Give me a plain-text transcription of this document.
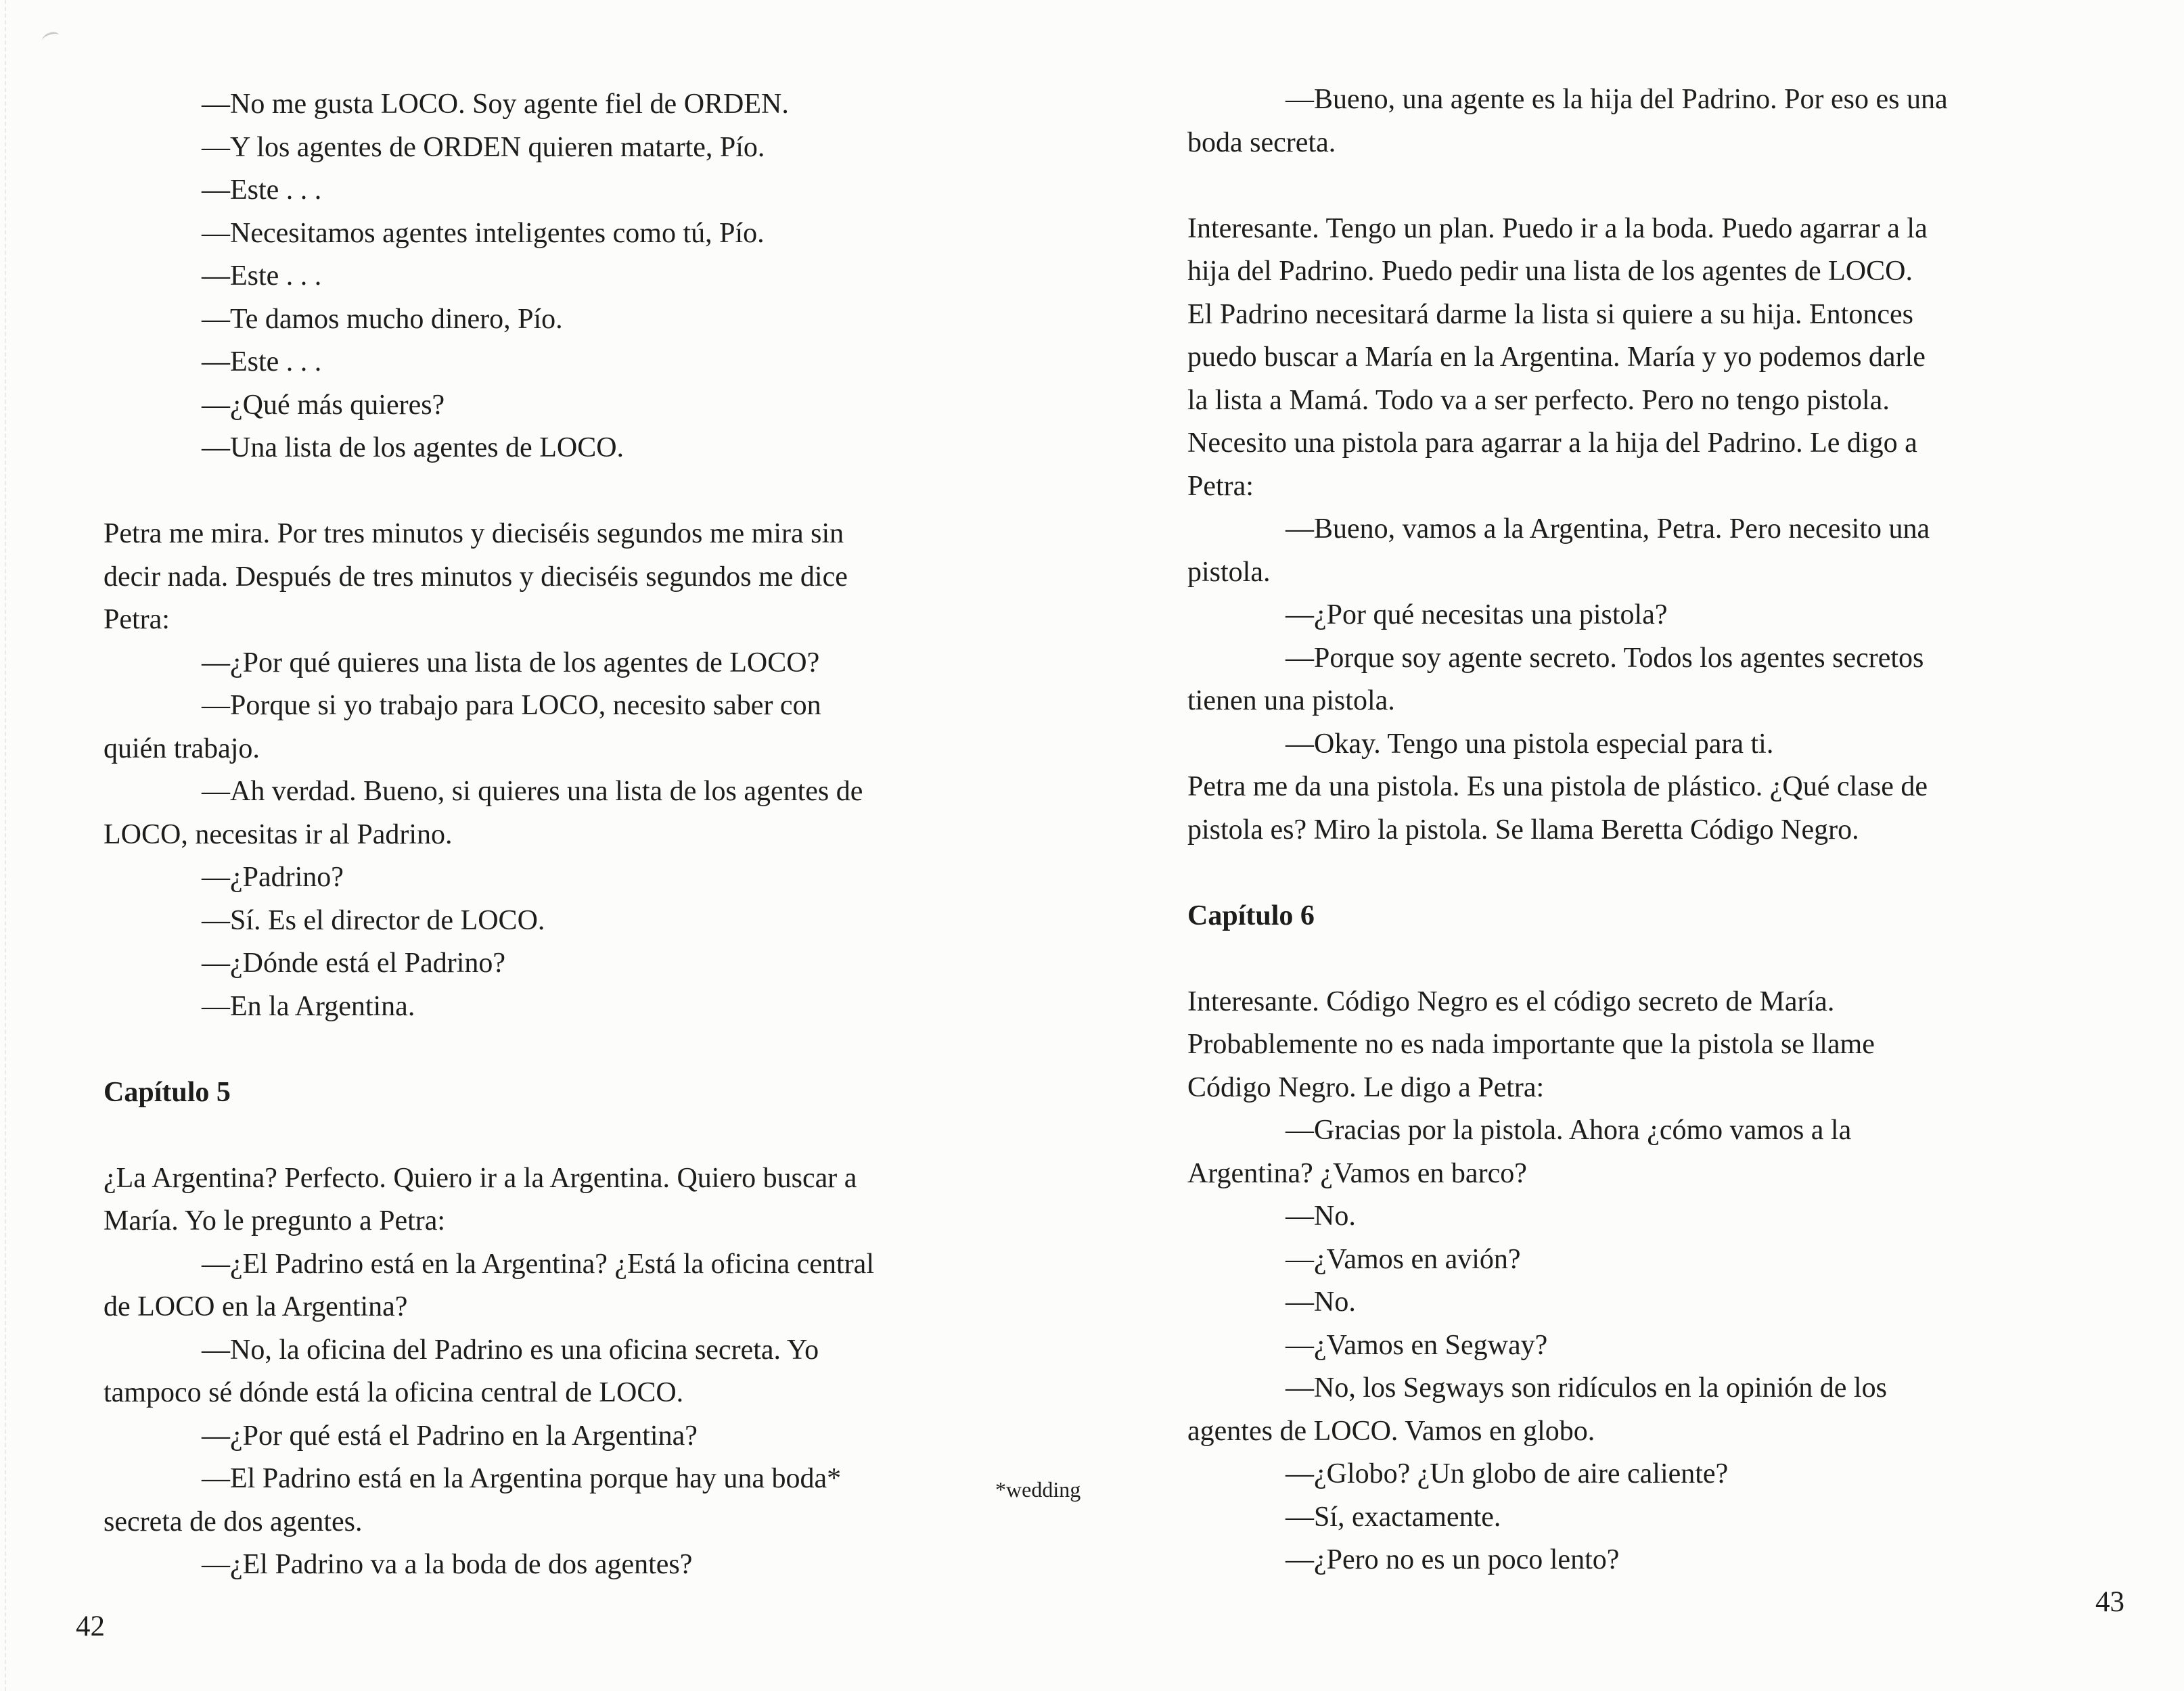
—No me gusta LOCO. Soy agente fiel de ORDEN.
—Y los agentes de ORDEN quieren matarte, Pío.
—Este . . .
—Necesitamos agentes inteligentes como tú, Pío.
—Este . . .
—Te damos mucho dinero, Pío.
—Este . . .
—¿Qué más quieres?
—Una lista de los agentes de LOCO.

Petra me mira. Por tres minutos y dieciséis segundos me mira sin
decir nada. Después de tres minutos y dieciséis segundos me dice
Petra:
—¿Por qué quieres una lista de los agentes de LOCO?
—Porque si yo trabajo para LOCO, necesito saber con
quién trabajo.
—Ah verdad. Bueno, si quieres una lista de los agentes de
LOCO, necesitas ir al Padrino.
—¿Padrino?
—Sí. Es el director de LOCO.
—¿Dónde está el Padrino?
—En la Argentina.

Capítulo 5

¿La Argentina? Perfecto. Quiero ir a la Argentina. Quiero buscar a
María. Yo le pregunto a Petra:
—¿El Padrino está en la Argentina? ¿Está la oficina central
de LOCO en la Argentina?
—No, la oficina del Padrino es una oficina secreta. Yo
tampoco sé dónde está la oficina central de LOCO.
—¿Por qué está el Padrino en la Argentina?
—El Padrino está en la Argentina porque hay una boda*
secreta de dos agentes.
—¿El Padrino va a la boda de dos agentes?
—Bueno, una agente es la hija del Padrino. Por eso es una
boda secreta.

Interesante. Tengo un plan. Puedo ir a la boda. Puedo agarrar a la
hija del Padrino. Puedo pedir una lista de los agentes de LOCO.
El Padrino necesitará darme la lista si quiere a su hija. Entonces
puedo buscar a María en la Argentina. María y yo podemos darle
la lista a Mamá. Todo va a ser perfecto. Pero no tengo pistola.
Necesito una pistola para agarrar a la hija del Padrino. Le digo a
Petra:
—Bueno, vamos a la Argentina, Petra. Pero necesito una
pistola.
—¿Por qué necesitas una pistola?
—Porque soy agente secreto. Todos los agentes secretos
tienen una pistola.
—Okay. Tengo una pistola especial para ti.
Petra me da una pistola. Es una pistola de plástico. ¿Qué clase de
pistola es? Miro la pistola. Se llama Beretta Código Negro.

Capítulo 6

Interesante. Código Negro es el código secreto de María.
Probablemente no es nada importante que la pistola se llame
Código Negro. Le digo a Petra:
—Gracias por la pistola. Ahora ¿cómo vamos a la
Argentina? ¿Vamos en barco?
—No.
—¿Vamos en avión?
—No.
—¿Vamos en Segway?
—No, los Segways son ridículos en la opinión de los
agentes de LOCO. Vamos en globo.
—¿Globo? ¿Un globo de aire caliente?
—Sí, exactamente.
—¿Pero no es un poco lento?
*wedding
42
43
